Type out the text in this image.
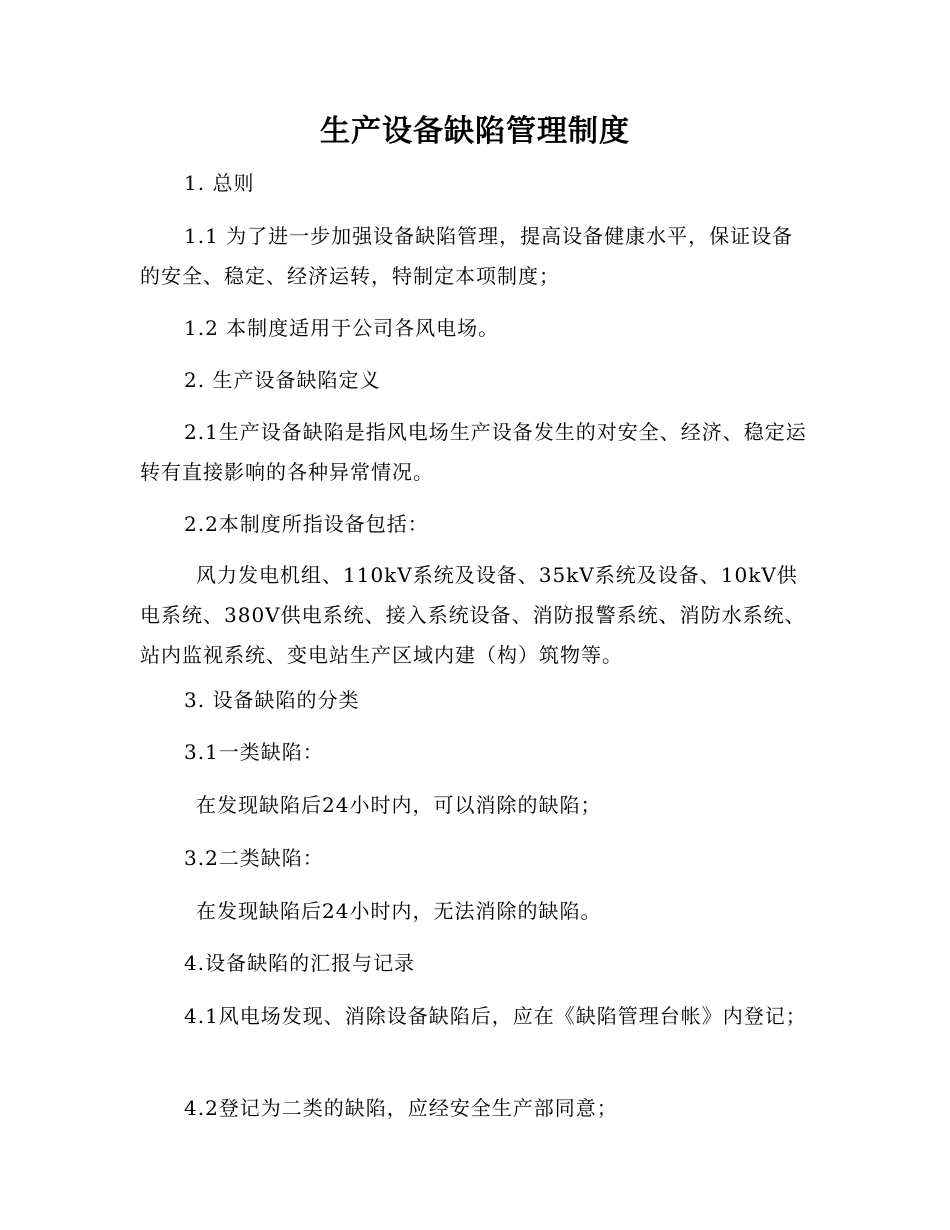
生产设备缺陷管理制度

1. 总则

1.1 为了进一步加强设备缺陷管理，提高设备健康水平，保证设备的安全、稳定、经济运转，特制定本项制度；

1.2 本制度适用于公司各风电场。

2. 生产设备缺陷定义

2.1生产设备缺陷是指风电场生产设备发生的对安全、经济、稳定运转有直接影响的各种异常情况。

2.2本制度所指设备包括：

风力发电机组、110kV系统及设备、35kV系统及设备、10kV供电系统、380V供电系统、接入系统设备、消防报警系统、消防水系统、站内监视系统、变电站生产区域内建（构）筑物等。

3. 设备缺陷的分类

3.1一类缺陷：

在发现缺陷后24小时内，可以消除的缺陷；

3.2二类缺陷：

在发现缺陷后24小时内，无法消除的缺陷。

4.设备缺陷的汇报与记录

4.1风电场发现、消除设备缺陷后，应在《缺陷管理台帐》内登记；

4.2登记为二类的缺陷，应经安全生产部同意；
